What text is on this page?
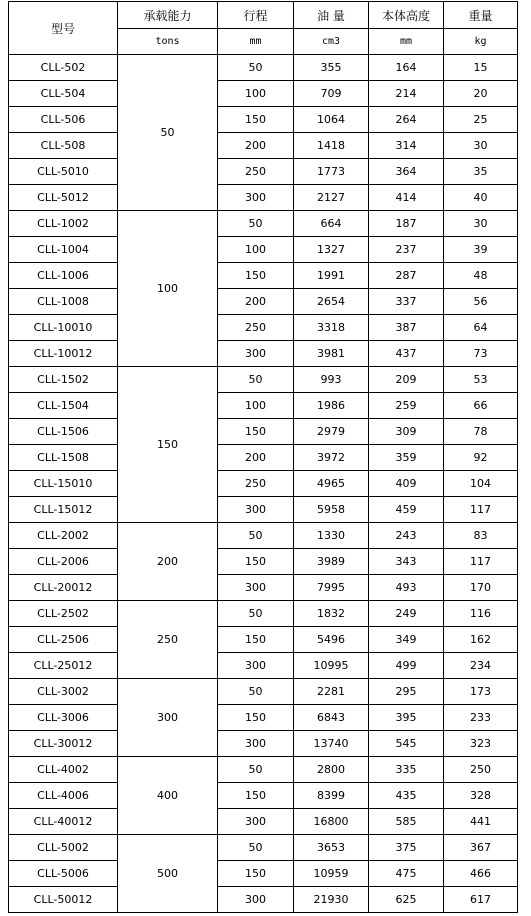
型号	承载能力	行程	油 量	本体高度	重量
	tons	mm	cm3	mm	kg
CLL-502	50	50	355	164	15
CLL-504		100	709	214	20
CLL-506		150	1064	264	25
CLL-508		200	1418	314	30
CLL-5010		250	1773	364	35
CLL-5012		300	2127	414	40
CLL-1002	100	50	664	187	30
CLL-1004		100	1327	237	39
CLL-1006		150	1991	287	48
CLL-1008		200	2654	337	56
CLL-10010		250	3318	387	64
CLL-10012		300	3981	437	73
CLL-1502	150	50	993	209	53
CLL-1504		100	1986	259	66
CLL-1506		150	2979	309	78
CLL-1508		200	3972	359	92
CLL-15010		250	4965	409	104
CLL-15012		300	5958	459	117
CLL-2002	200	50	1330	243	83
CLL-2006		150	3989	343	117
CLL-20012		300	7995	493	170
CLL-2502	250	50	1832	249	116
CLL-2506		150	5496	349	162
CLL-25012		300	10995	499	234
CLL-3002	300	50	2281	295	173
CLL-3006		150	6843	395	233
CLL-30012		300	13740	545	323
CLL-4002	400	50	2800	335	250
CLL-4006		150	8399	435	328
CLL-40012		300	16800	585	441
CLL-5002	500	50	3653	375	367
CLL-5006		150	10959	475	466
CLL-50012		300	21930	625	617
